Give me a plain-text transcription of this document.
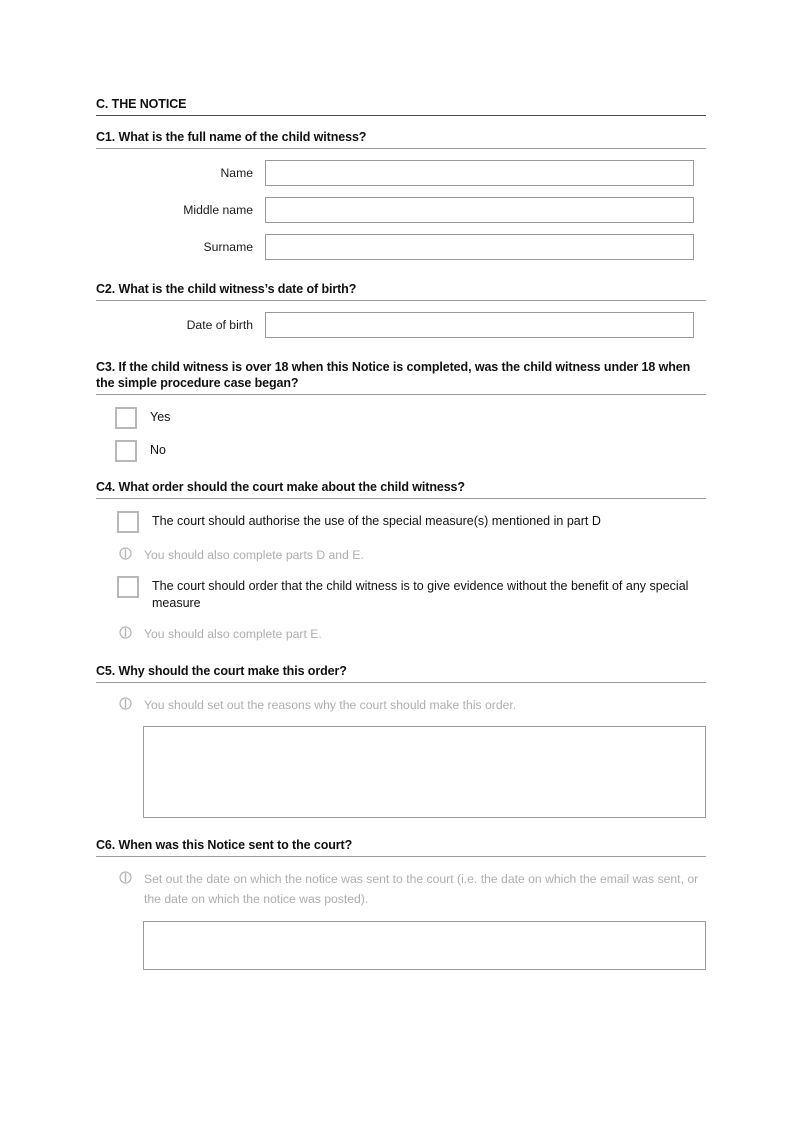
C. THE NOTICE
C1. What is the full name of the child witness?
Name
Middle name
Surname
C2. What is the child witness’s date of birth?
Date of birth
C3. If the child witness is over 18 when this Notice is completed, was the child witness under 18 when the simple procedure case began?
Yes
No
C4. What order should the court make about the child witness?
The court should authorise the use of the special measure(s) mentioned in part D
You should also complete parts D and E.
The court should order that the child witness is to give evidence without the benefit of any special measure
You should also complete part E.
C5. Why should the court make this order?
You should set out the reasons why the court should make this order.
C6. When was this Notice sent to the court?
Set out the date on which the notice was sent to the court (i.e. the date on which the email was sent, or the date on which the notice was posted).
